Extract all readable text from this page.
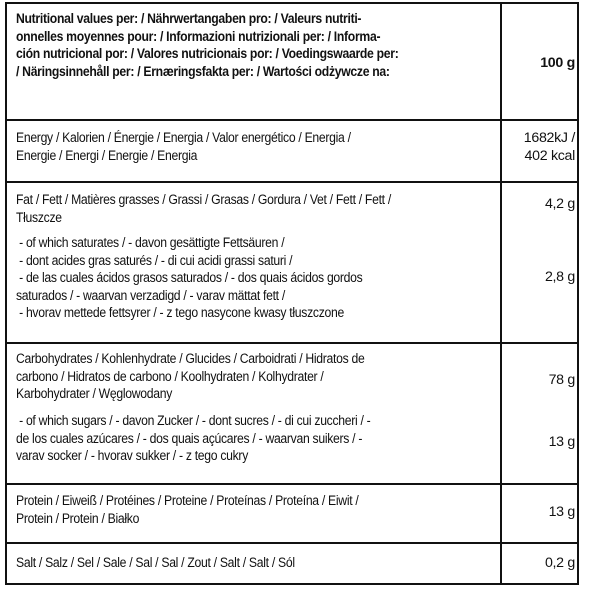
Nutritional values per: / Nährwertangaben pro: / Valeurs nutriti-
onnelles moyennes pour: / Informazioni nutrizionali per: / Informa-
ción nutricional por: / Valores nutricionais por: / Voedingswaarde per:
/ Näringsinnehåll per: / Ernæringsfakta per: / Wartości odżywcze na:
100 g
Energy / Kalorien / Énergie / Energia / Valor energético / Energia /
Energie / Energi / Energie / Energia
1682kJ /
402 kcal
Fat / Fett / Matières grasses / Grassi / Grasas / Gordura / Vet / Fett / Fett /
Tłuszcze
4,2 g
- of which saturates / - davon gesättigte Fettsäuren /
- dont acides gras saturés / - di cui acidi grassi saturi /
- de las cuales ácidos grasos saturados / - dos quais ácidos gordos
saturados / - waarvan verzadigd / - varav mättat fett /
- hvorav mettede fettsyrer / - z tego nasycone kwasy tłuszczone
2,8 g
Carbohydrates / Kohlenhydrate / Glucides / Carboidrati / Hidratos de
carbono / Hidratos de carbono / Koolhydraten / Kolhydrater /
Karbohydrater / Węglowodany
78 g
- of which sugars / - davon Zucker / - dont sucres / - di cui zuccheri / -
de los cuales azúcares / - dos quais açúcares / - waarvan suikers / -
varav socker / - hvorav sukker / - z tego cukry
13 g
Protein / Eiweiß / Protéines / Proteine / Proteínas / Proteína / Eiwit /
Protein / Protein / Białko	13 g
Salt / Salz / Sel / Sale / Sal / Sal / Zout / Salt / Salt / Sól	0,2 g
